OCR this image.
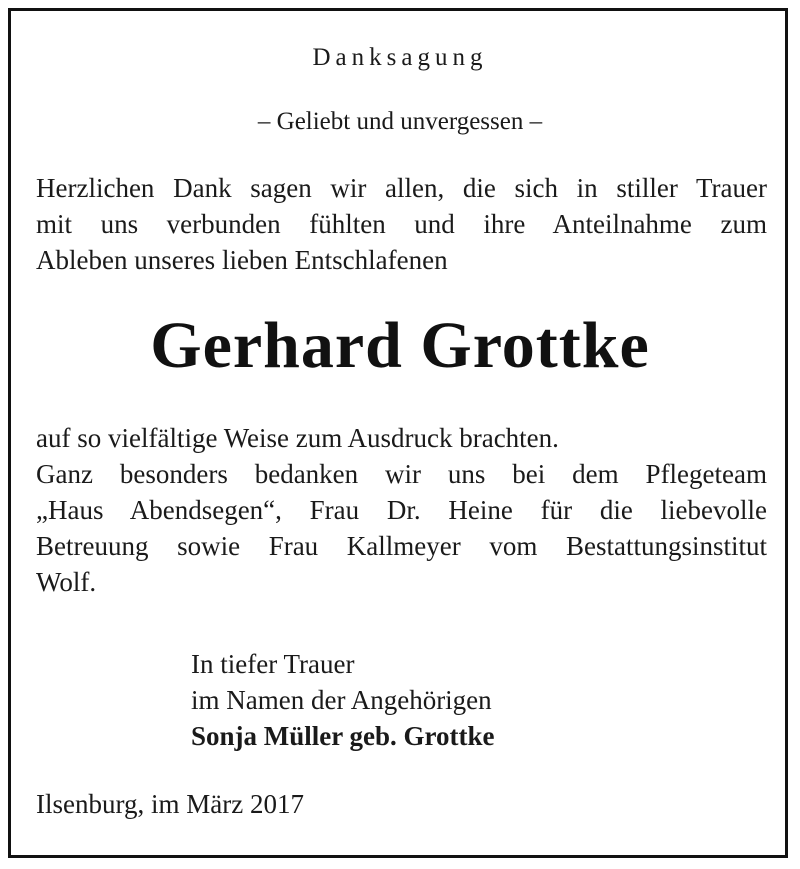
Danksagung

– Geliebt und unvergessen –

Herzlichen Dank sagen wir allen, die sich in stiller Trauer

mit uns verbunden fühlten und ihre Anteilnahme zum

Ableben unseres lieben Entschlafenen

Gerhard Grottke

auf so vielfältige Weise zum Ausdruck brachten.

Ganz besonders bedanken wir uns bei dem Pflegeteam

„Haus Abendsegen“, Frau Dr. Heine für die liebevolle

Betreuung sowie Frau Kallmeyer vom Bestattungsinstitut

Wolf.

In tiefer Trauer

im Namen der Angehörigen

Sonja Müller geb. Grottke

Ilsenburg, im März 2017
